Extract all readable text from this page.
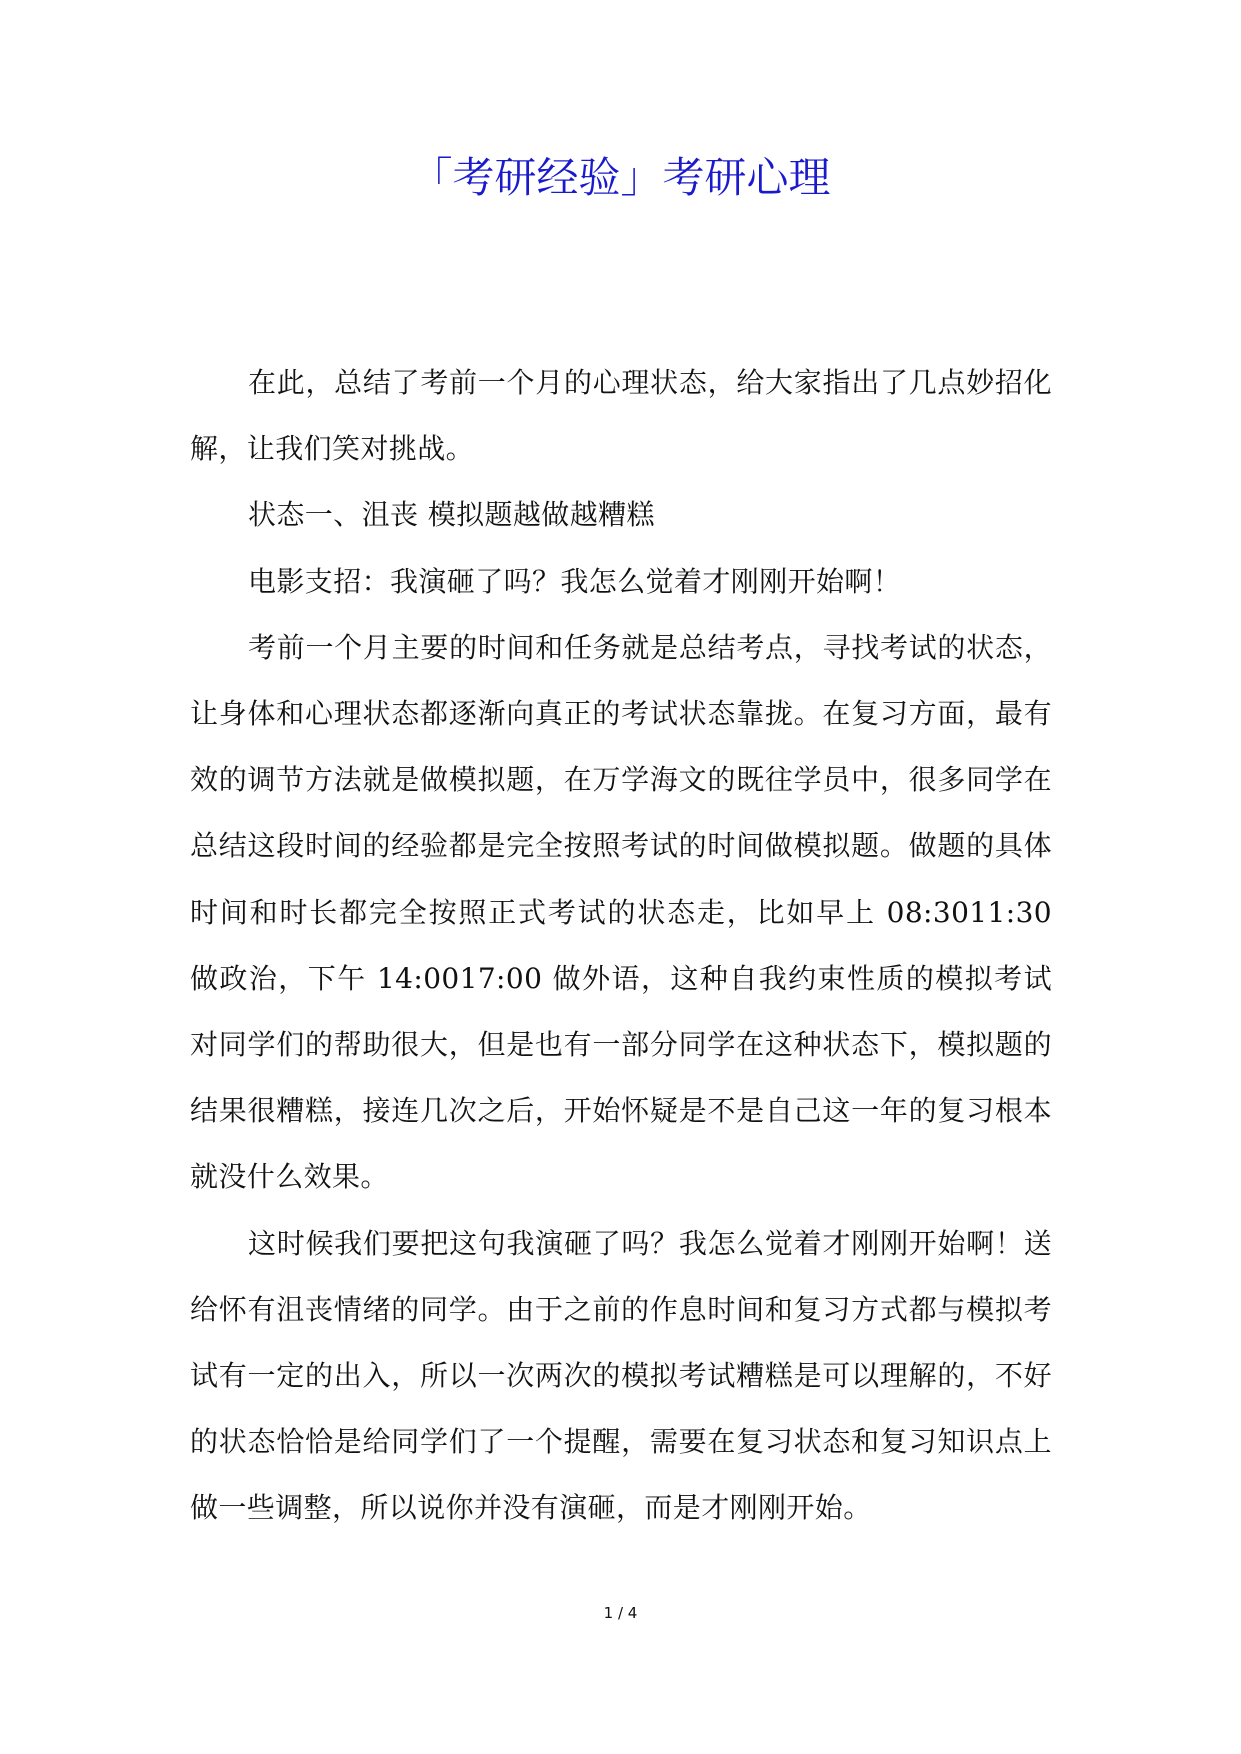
「考研经验」考研心理

在此，总结了考前一个月的心理状态，给大家指出了几点妙招化解，让我们笑对挑战。

状态一、沮丧 模拟题越做越糟糕

电影支招：我演砸了吗？我怎么觉着才刚刚开始啊！

考前一个月主要的时间和任务就是总结考点，寻找考试的状态，让身体和心理状态都逐渐向真正的考试状态靠拢。在复习方面，最有效的调节方法就是做模拟题，在万学海文的既往学员中，很多同学在总结这段时间的经验都是完全按照考试的时间做模拟题。做题的具体时间和时长都完全按照正式考试的状态走，比如早上 08:3011:30 做政治，下午 14:0017:00 做外语，这种自我约束性质的模拟考试对同学们的帮助很大，但是也有一部分同学在这种状态下，模拟题的结果很糟糕，接连几次之后，开始怀疑是不是自己这一年的复习根本就没什么效果。

这时候我们要把这句我演砸了吗？我怎么觉着才刚刚开始啊！送给怀有沮丧情绪的同学。由于之前的作息时间和复习方式都与模拟考试有一定的出入，所以一次两次的模拟考试糟糕是可以理解的，不好的状态恰恰是给同学们了一个提醒，需要在复习状态和复习知识点上做一些调整，所以说你并没有演砸，而是才刚刚开始。

1 / 4
